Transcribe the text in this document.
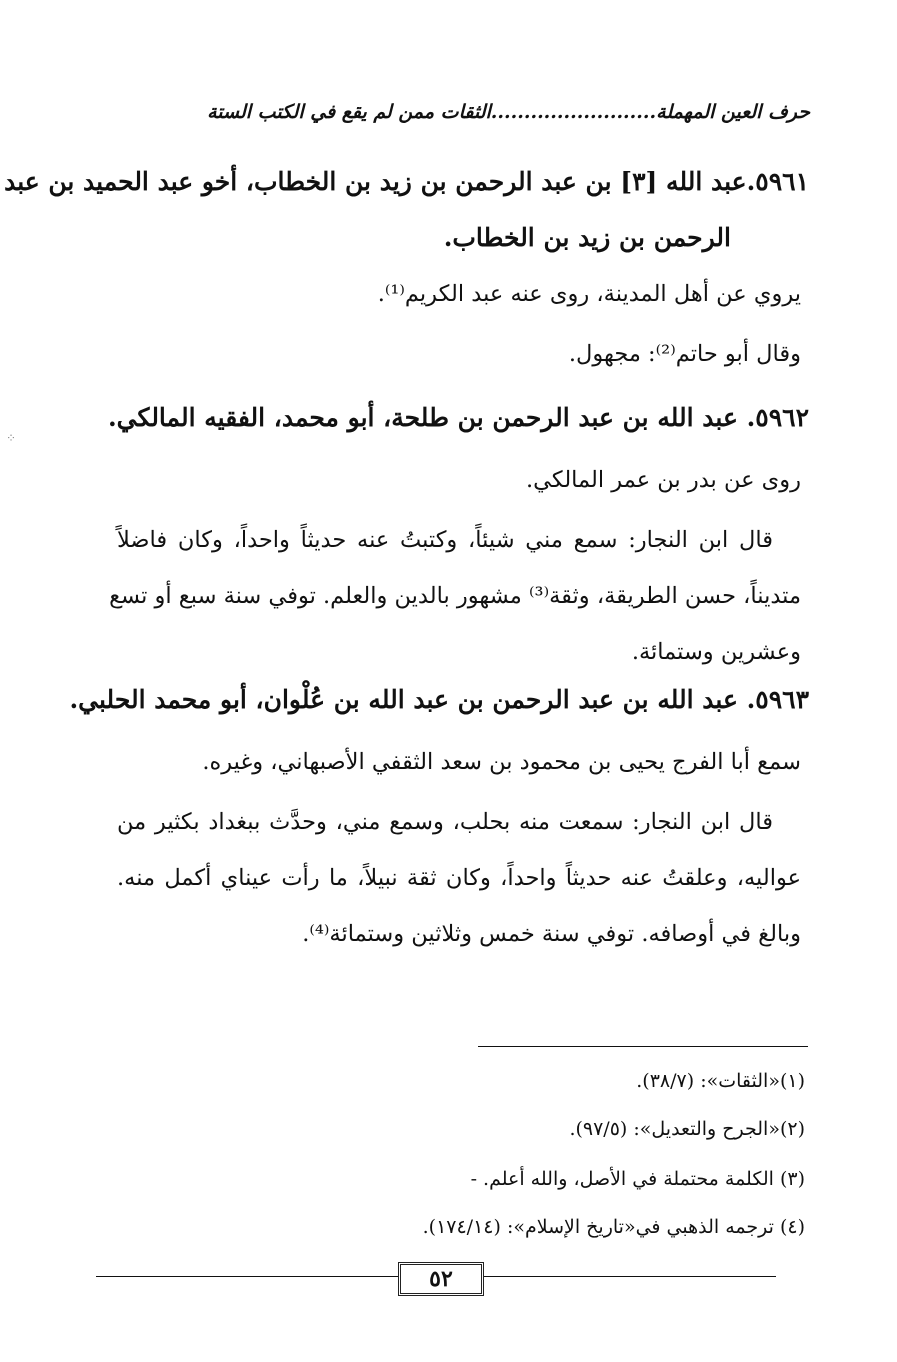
حرف العين المهملة.........................الثقات ممن لم يقع في الكتب الستة
٥٩٦١.عبد الله [٣] بن عبد الرحمن بن زيد بن الخطاب، أخو عبد الحميد بن عبد
الرحمن بن زيد بن الخطاب.
يروي عن أهل المدينة، روى عنه عبد الكريم⁽¹⁾.
وقال أبو حاتم⁽²⁾: مجهول.
٥٩٦٢. عبد الله بن عبد الرحمن بن طلحة، أبو محمد، الفقيه المالكي.
روى عن بدر بن عمر المالكي.
قال ابن النجار: سمع مني شيئاً، وكتبتُ عنه حديثاً واحداً، وكان فاضلاً
متديناً، حسن الطريقة، وثقة⁽³⁾ مشهور بالدين والعلم. توفي سنة سبع أو تسع
وعشرين وستمائة.
٥٩٦٣. عبد الله بن عبد الرحمن بن عبد الله بن عُلْوان، أبو محمد الحلبي.
سمع أبا الفرج يحيى بن محمود بن سعد الثقفي الأصبهاني، وغيره.
قال ابن النجار: سمعت منه بحلب، وسمع مني، وحدَّث ببغداد بكثير من
عواليه، وعلقتُ عنه حديثاً واحداً، وكان ثقة نبيلاً، ما رأت عيناي أكمل منه.
وبالغ في أوصافه. توفي سنة خمس وثلاثين وستمائة⁽⁴⁾.
(١)«الثقات»: (٣٨/٧).
(٢)«الجرح والتعديل»: (٩٧/٥).
(٣) الكلمة محتملة في الأصل، والله أعلم. -
(٤) ترجمه الذهبي في«تاريخ الإسلام»: (١٧٤/١٤).
٥٢
⁘
